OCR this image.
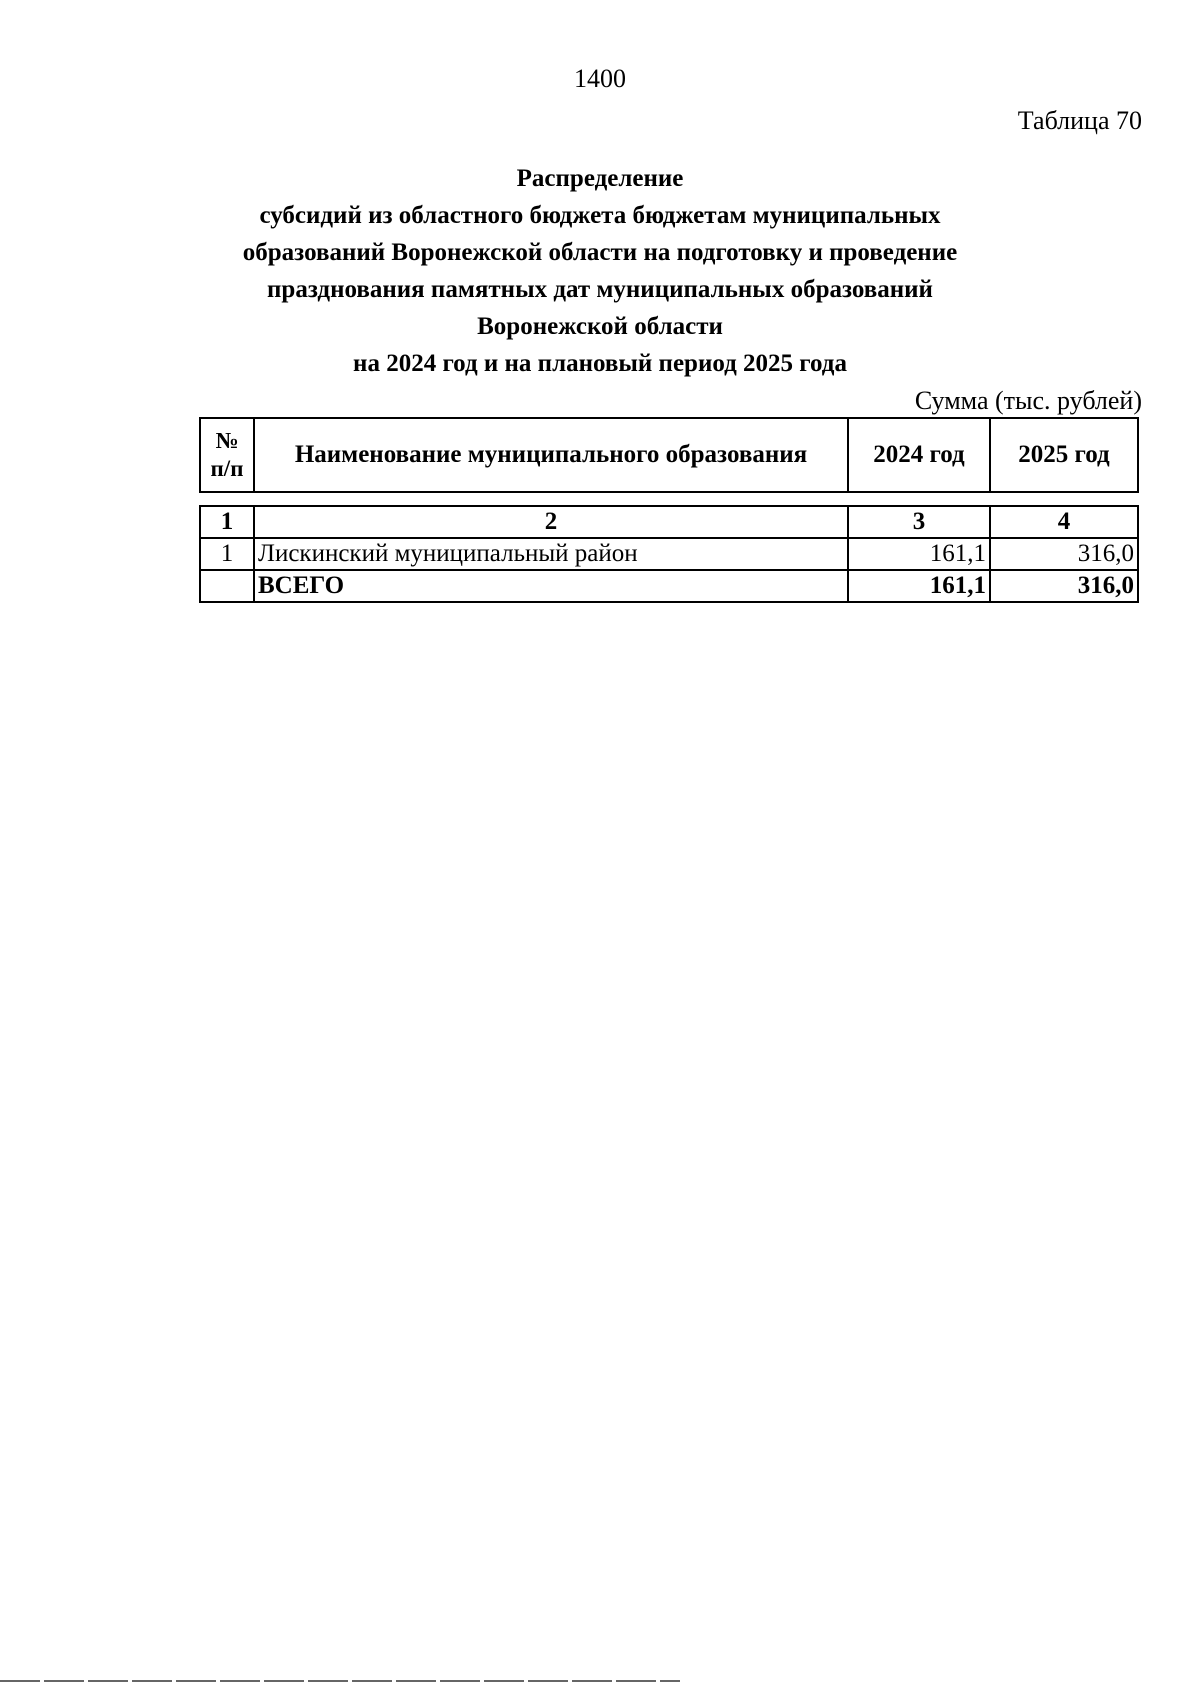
1400
Таблица 70
Распределение
субсидий из областного бюджета бюджетам муниципальных
образований Воронежской области на подготовку и проведение
празднования памятных дат муниципальных образований
Воронежской области
на 2024 год и на плановый период 2025 года
Сумма (тыс. рублей)
№
п/п
	Наименование муниципального образования	2024 год	2025 год
1	2	3	4
1	Лискинский муниципальный район	161,1	316,0
	ВСЕГО	161,1	316,0
